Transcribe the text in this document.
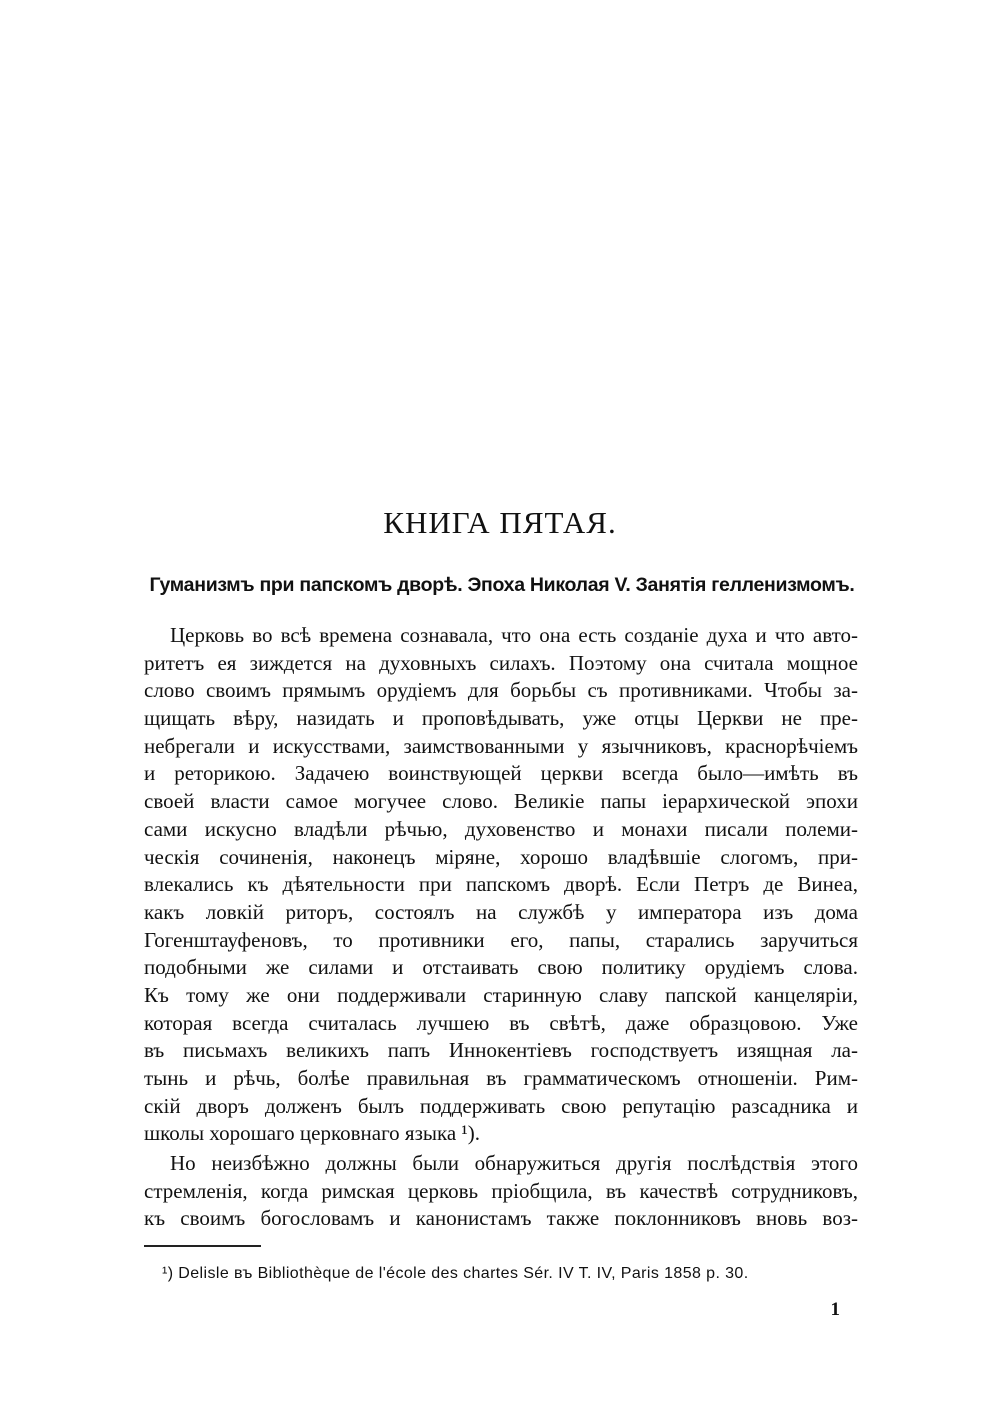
КНИГА ПЯТАЯ.
Гуманизмъ при папскомъ дворѣ. Эпоха Николая V. Занятія гелленизмомъ.
Церковь во всѣ времена сознавала, что она есть созданіе духа и что авто-
ритетъ ея зиждется на духовныхъ силахъ. Поэтому она считала мощное
слово своимъ прямымъ орудіемъ для борьбы съ противниками. Чтобы за-
щищать вѣру, назидать и проповѣдывать, уже отцы Церкви не пре-
небрегали и искусствами, заимствованными у язычниковъ, краснорѣчіемъ
и реторикою. Задачею воинствующей церкви всегда было—имѣть въ
своей власти самое могучее слово. Великіе папы іерархической эпохи
сами искусно владѣли рѣчью, духовенство и монахи писали полеми-
ческія сочиненія, наконецъ міряне, хорошо владѣвшіе слогомъ, при-
влекались къ дѣятельности при папскомъ дворѣ. Если Петръ де Винеа,
какъ ловкій риторъ, состоялъ на службѣ у императора изъ дома
Гогенштауфеновъ, то противники его, папы, старались заручиться
подобными же силами и отстаивать свою политику орудіемъ слова.
Къ тому же они поддерживали старинную славу папской канцеляріи,
которая всегда считалась лучшею въ свѣтѣ, даже образцовою. Уже
въ письмахъ великихъ папъ Иннокентіевъ господствуетъ изящная ла-
тынь и рѣчь, болѣе правильная въ грамматическомъ отношеніи. Рим-
скій дворъ долженъ былъ поддерживать свою репутацію разсадника и
школы хорошаго церковнаго языка ¹).
Но неизбѣжно должны были обнаружиться другія послѣдствія этого
стремленія, когда римская церковь пріобщила, въ качествѣ сотрудниковъ,
къ своимъ богословамъ и канонистамъ также поклонниковъ вновь воз-
¹) Delisle въ Bibliothèque de l'école des chartes Sér. IV T. IV, Paris 1858 p. 30.
1
